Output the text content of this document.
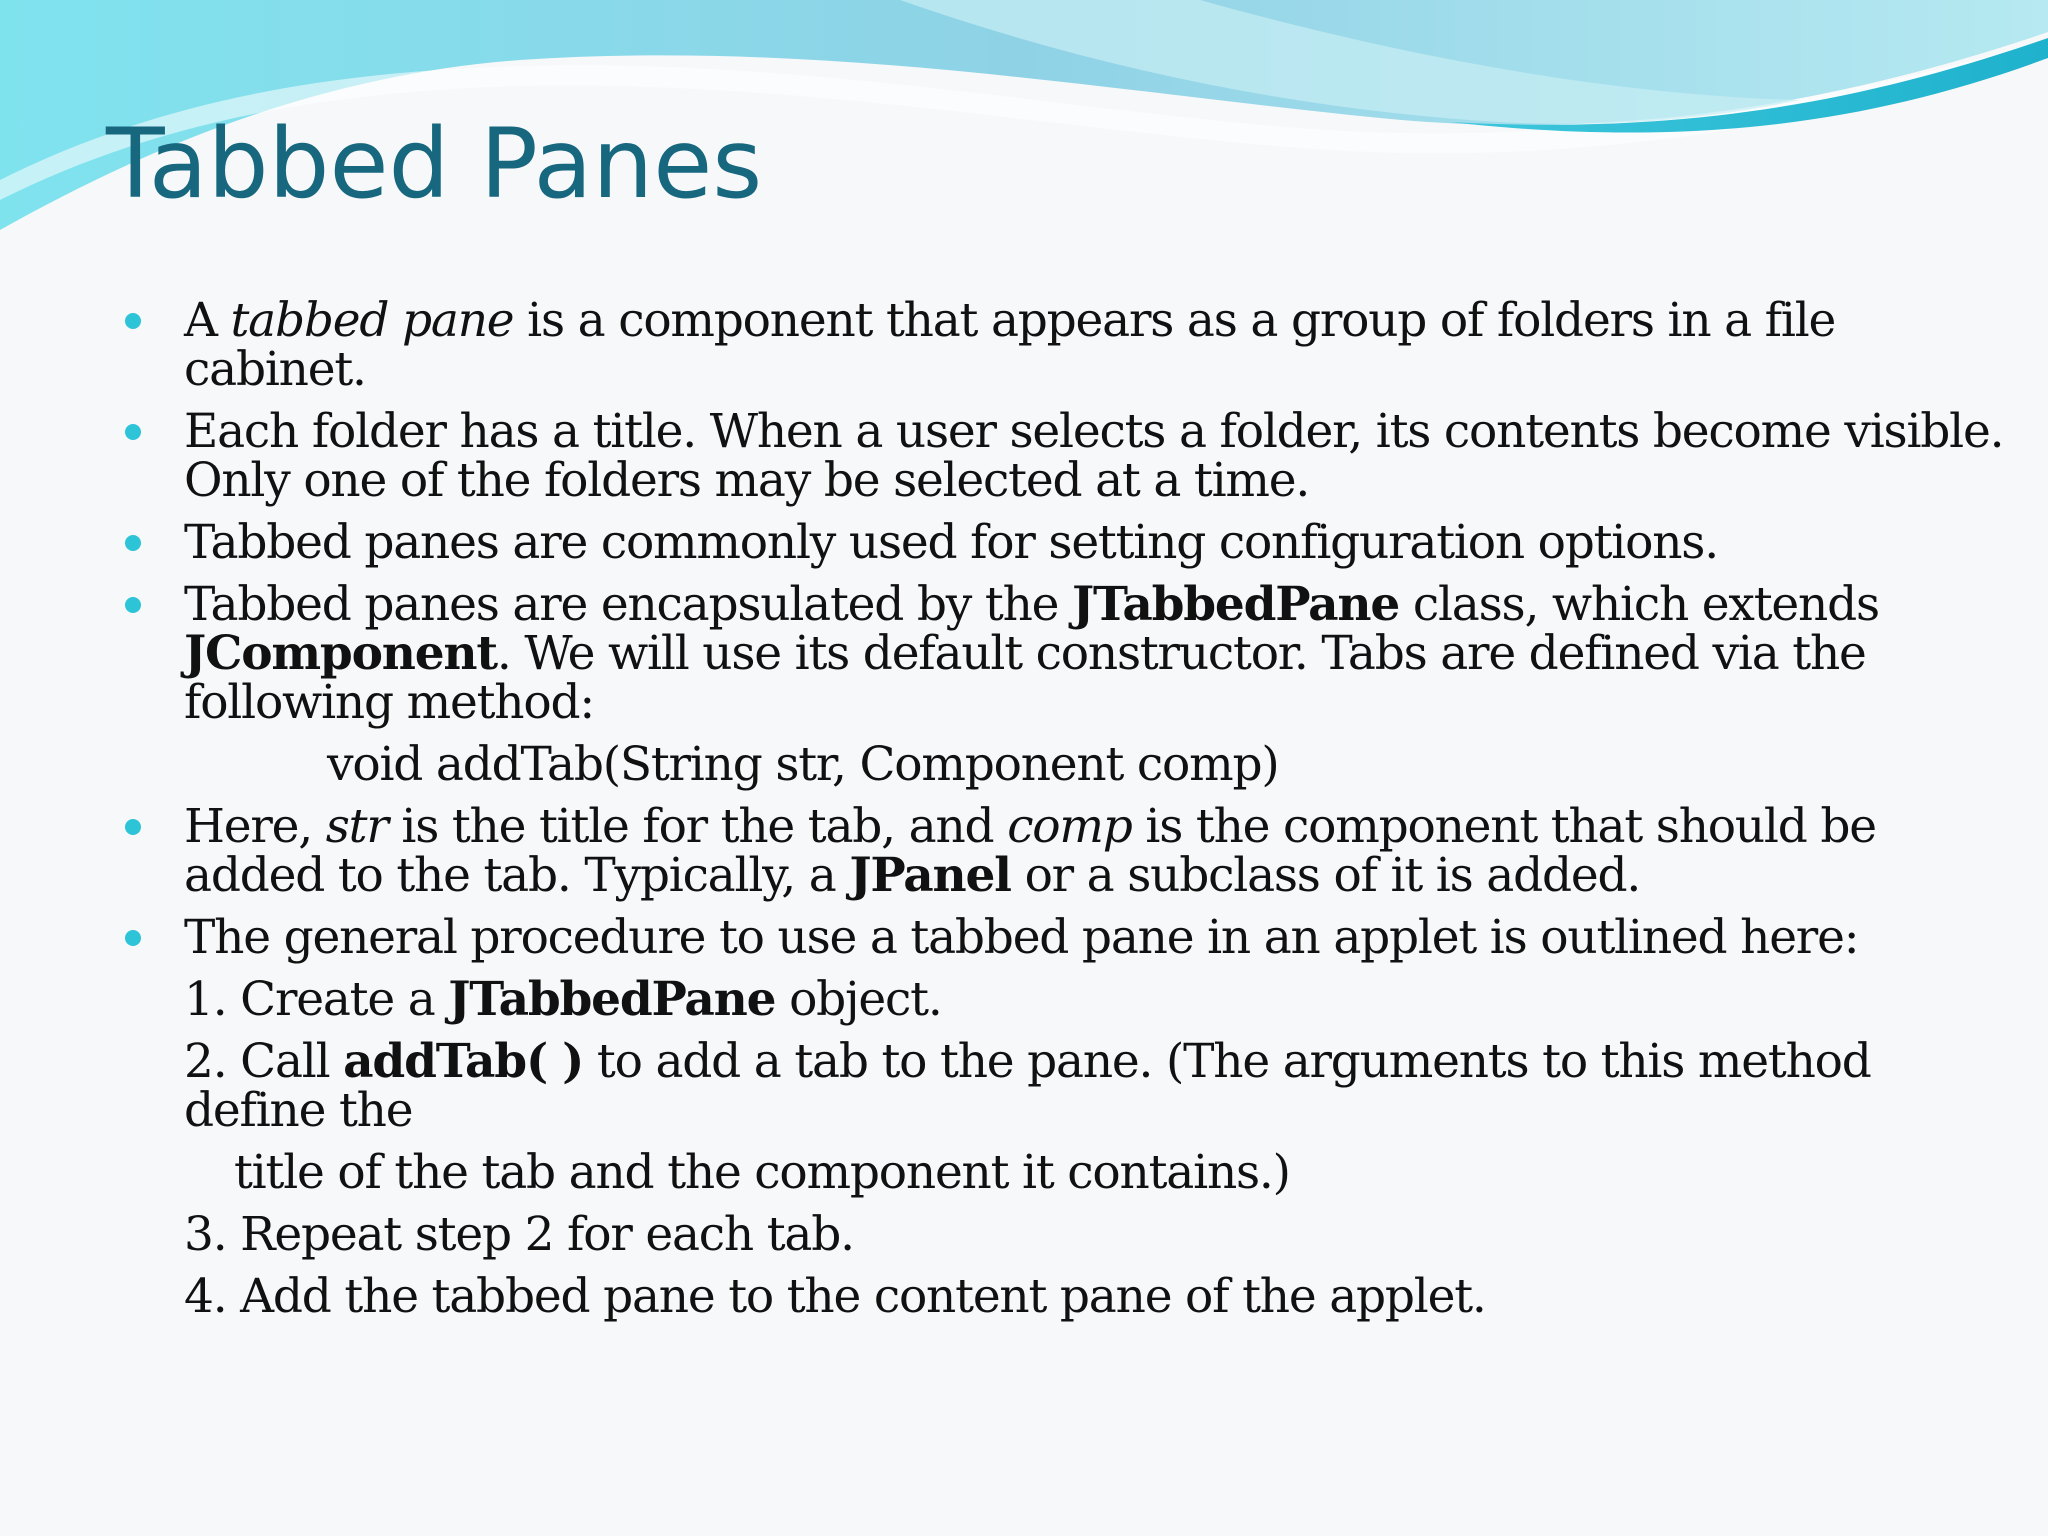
Tabbed Panes
A tabbed pane is a component that appears as a group of folders in a file
cabinet.
Each folder has a title. When a user selects a folder, its contents become visible.
Only one of the folders may be selected at a time.
Tabbed panes are commonly used for setting configuration options.
Tabbed panes are encapsulated by the JTabbedPane class, which extends
JComponent. We will use its default constructor. Tabs are defined via the
following method:
void addTab(String str, Component comp)
Here, str is the title for the tab, and comp is the component that should be
added to the tab. Typically, a JPanel or a subclass of it is added.
The general procedure to use a tabbed pane in an applet is outlined here:
1. Create a JTabbedPane object.
2. Call addTab( ) to add a tab to the pane. (The arguments to this method
define the
title of the tab and the component it contains.)
3. Repeat step 2 for each tab.
4. Add the tabbed pane to the content pane of the applet.
